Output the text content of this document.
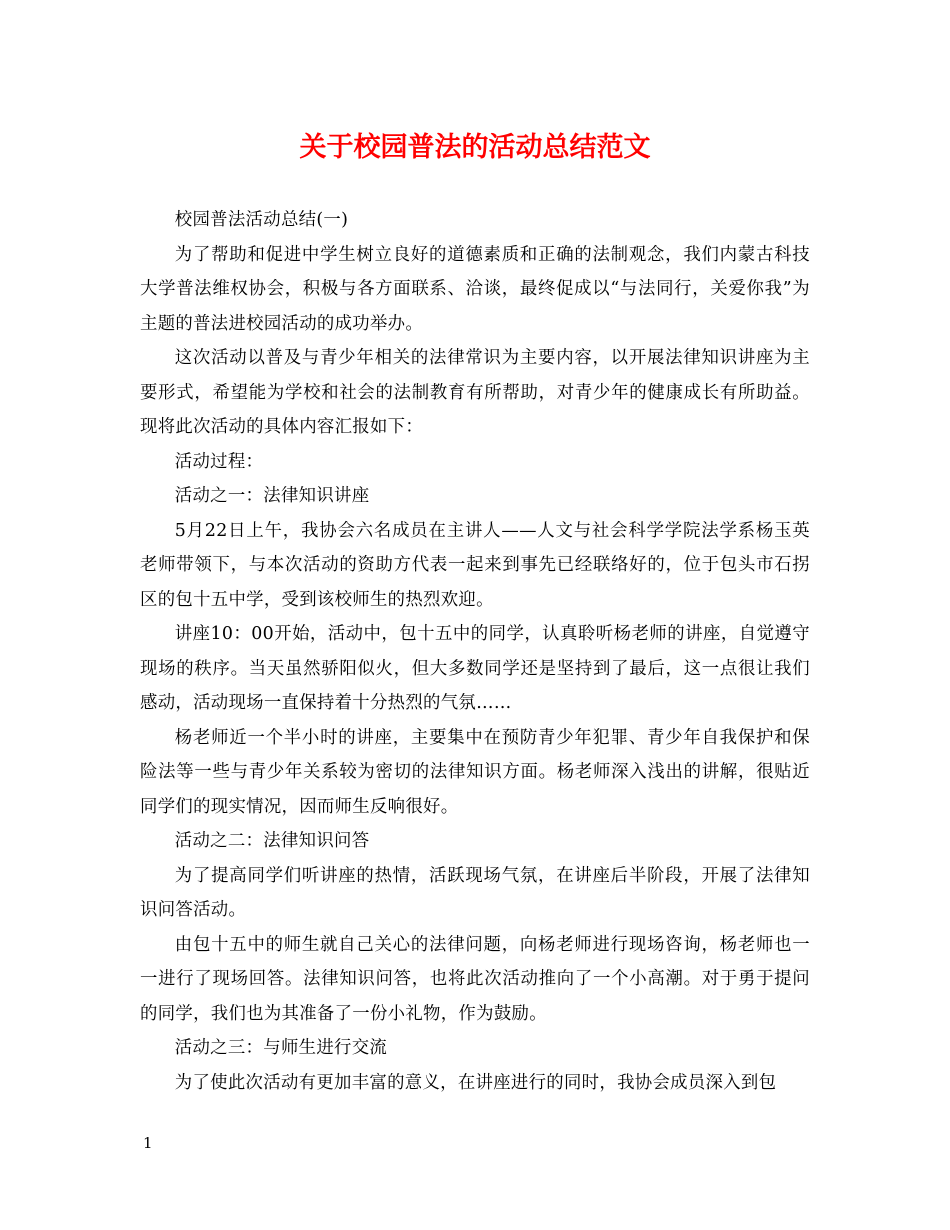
关于校园普法的活动总结范文

校园普法活动总结(一)

为了帮助和促进中学生树立良好的道德素质和正确的法制观念，我们内蒙古科技大学普法维权协会，积极与各方面联系、洽谈，最终促成以“与法同行，关爱你我”为主题的普法进校园活动的成功举办。

这次活动以普及与青少年相关的法律常识为主要内容，以开展法律知识讲座为主要形式，希望能为学校和社会的法制教育有所帮助，对青少年的健康成长有所助益。现将此次活动的具体内容汇报如下：

活动过程：

活动之一：法律知识讲座

5月22日上午，我协会六名成员在主讲人——人文与社会科学学院法学系杨玉英老师带领下，与本次活动的资助方代表一起来到事先已经联络好的，位于包头市石拐区的包十五中学，受到该校师生的热烈欢迎。

讲座10：00开始，活动中，包十五中的同学，认真聆听杨老师的讲座，自觉遵守现场的秩序。当天虽然骄阳似火，但大多数同学还是坚持到了最后，这一点很让我们感动，活动现场一直保持着十分热烈的气氛……

杨老师近一个半小时的讲座，主要集中在预防青少年犯罪、青少年自我保护和保险法等一些与青少年关系较为密切的法律知识方面。杨老师深入浅出的讲解，很贴近同学们的现实情况，因而师生反响很好。

活动之二：法律知识问答

为了提高同学们听讲座的热情，活跃现场气氛，在讲座后半阶段，开展了法律知识问答活动。

由包十五中的师生就自己关心的法律问题，向杨老师进行现场咨询，杨老师也一一进行了现场回答。法律知识问答，也将此次活动推向了一个小高潮。对于勇于提问的同学，我们也为其准备了一份小礼物，作为鼓励。

活动之三：与师生进行交流

为了使此次活动有更加丰富的意义，在讲座进行的同时，我协会成员深入到包

1
